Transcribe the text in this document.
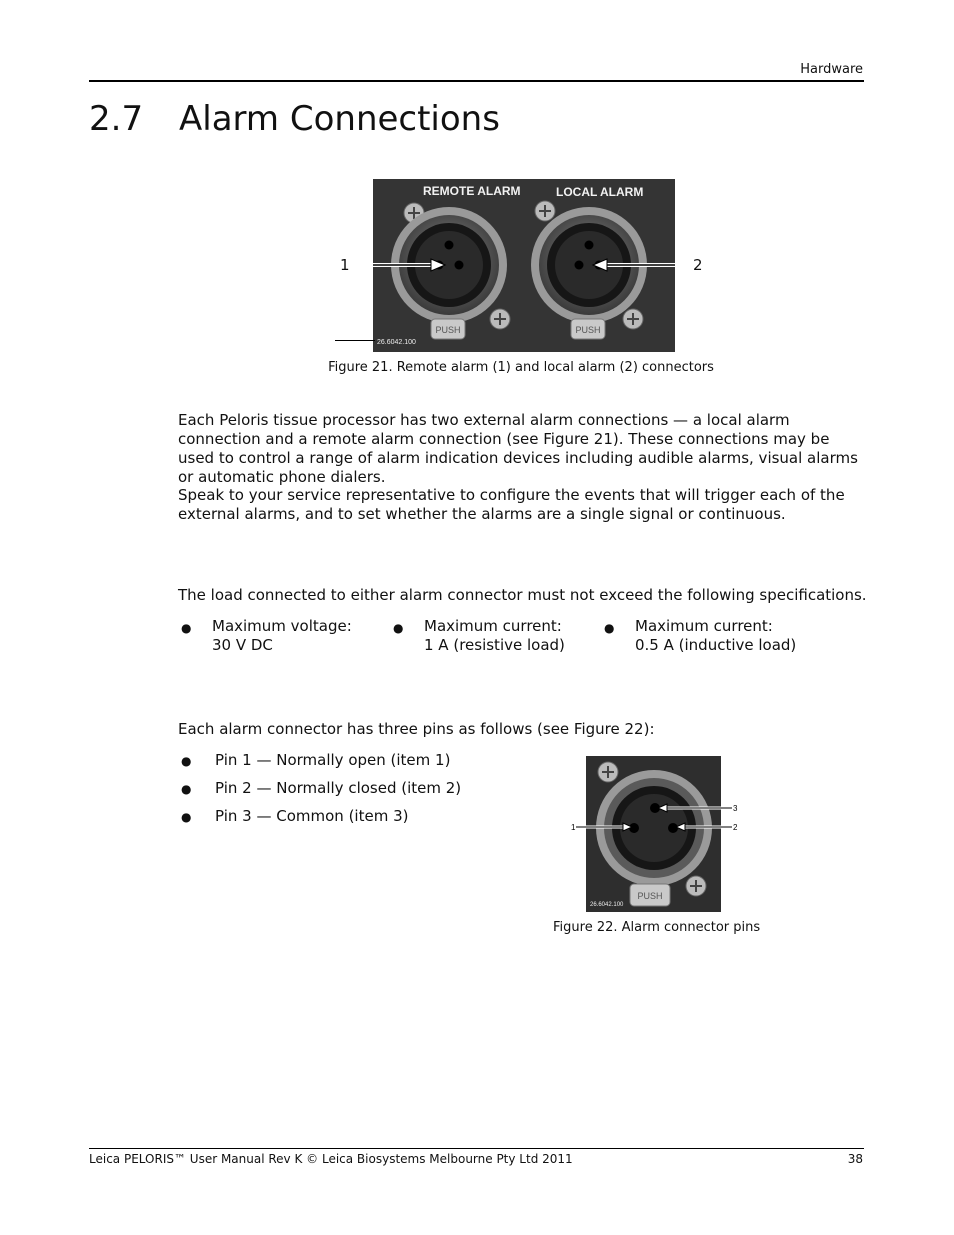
Hardware
2.7 Alarm Connections
REMOTE ALARM	LOCAL ALARM
PUSH	PUSH
26.6042.100
1	2
Figure 21. Remote alarm (1) and local alarm (2) connectors
Each Peloris tissue processor has two external alarm connections — a local alarm connection and a remote alarm connection (see Figure 21). These connections may be used to control a range of alarm indication devices including audible alarms, visual alarms or automatic phone dialers.
Speak to your service representative to configure the events that will trigger each of the external alarms, and to set whether the alarms are a single signal or continuous.
The load connected to either alarm connector must not exceed the following specifications.
● Maximum voltage:
30 V DC
● Maximum current:
1 A (resistive load)
● Maximum current:
0.5 A (inductive load)
Each alarm connector has three pins as follows (see Figure 22):
● Pin 1 — Normally open (item 1)
● Pin 2 — Normally closed (item 2)
● Pin 3 — Common (item 3)
PUSH
26.6042.100
1	2
3
Figure 22. Alarm connector pins
Leica PELORIS™ User Manual Rev K © Leica Biosystems Melbourne Pty Ltd 2011	38
